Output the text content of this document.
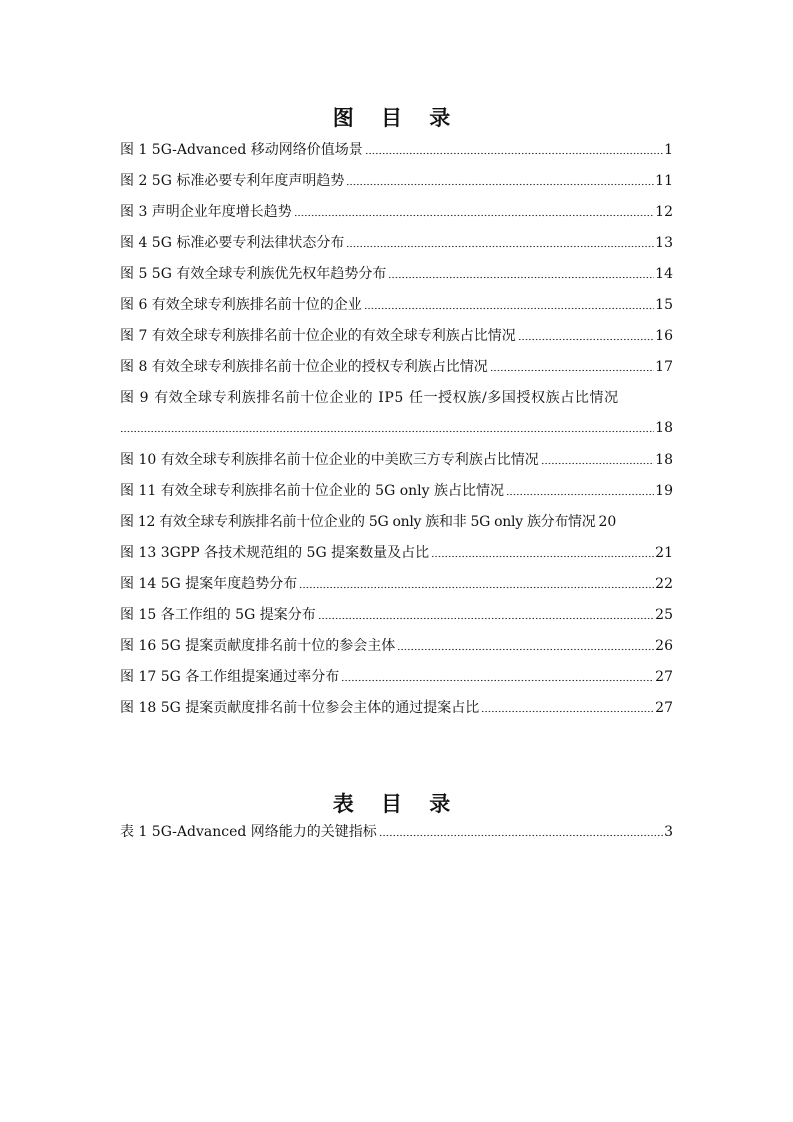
图 目 录
图 1 5G-Advanced 移动网络价值场景	1
图 2 5G 标准必要专利年度声明趋势	11
图 3 声明企业年度增长趋势	12
图 4 5G 标准必要专利法律状态分布	13
图 5 5G 有效全球专利族优先权年趋势分布	14
图 6 有效全球专利族排名前十位的企业	15
图 7 有效全球专利族排名前十位企业的有效全球专利族占比情况	16
图 8 有效全球专利族排名前十位企业的授权专利族占比情况	17
图 9 有效全球专利族排名前十位企业的 IP5 任一授权族/多国授权族占比情况
18
图 10 有效全球专利族排名前十位企业的中美欧三方专利族占比情况	18
图 11 有效全球专利族排名前十位企业的 5G only 族占比情况	19
图 12 有效全球专利族排名前十位企业的 5G only 族和非 5G only 族分布情况 20
图 13 3GPP 各技术规范组的 5G 提案数量及占比	21
图 14 5G 提案年度趋势分布	22
图 15 各工作组的 5G 提案分布	25
图 16 5G 提案贡献度排名前十位的参会主体	26
图 17 5G 各工作组提案通过率分布	27
图 18 5G 提案贡献度排名前十位参会主体的通过提案占比	27
表 目 录
表 1 5G-Advanced 网络能力的关键指标	3
